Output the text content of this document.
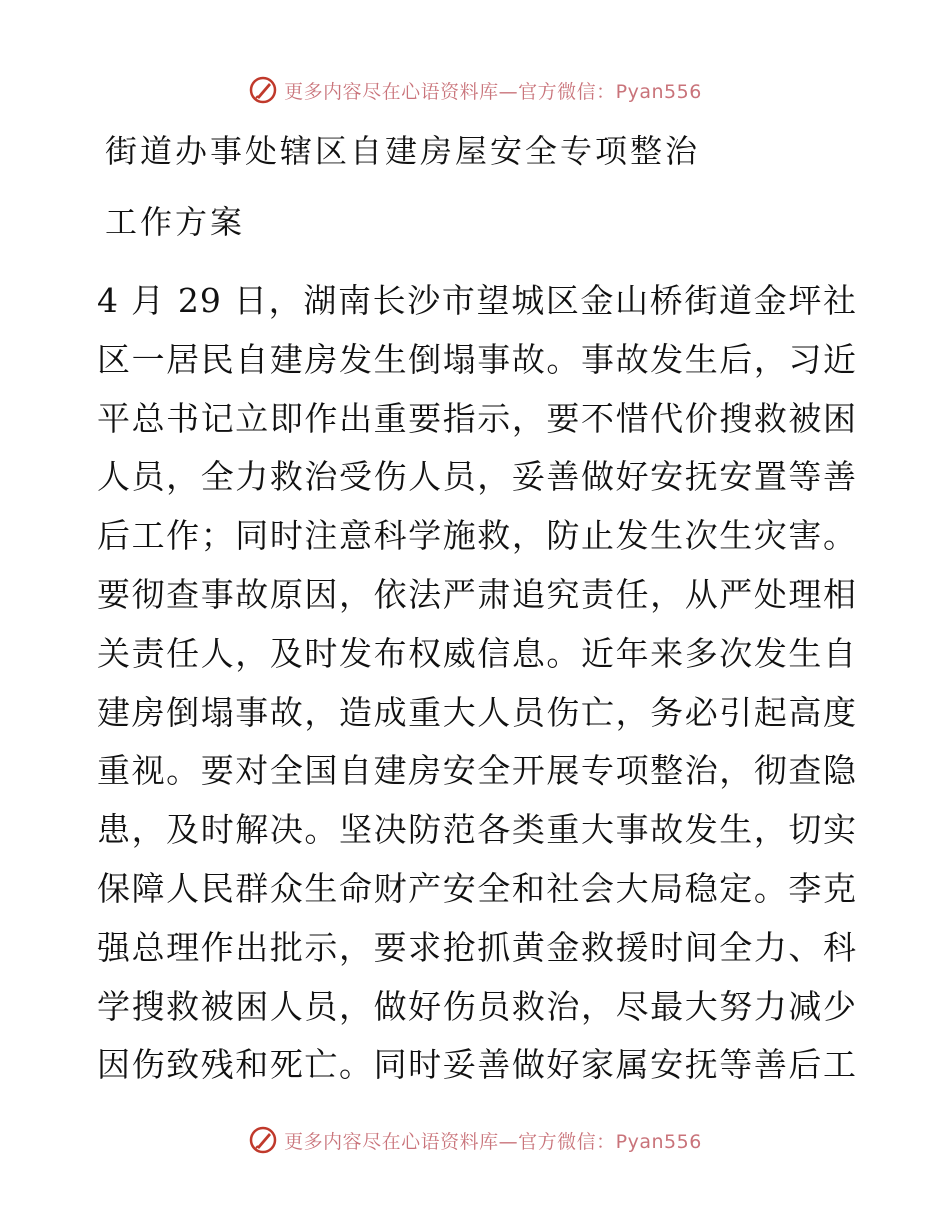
更多内容尽在心语资料库—官方微信：Pyan556
街道办事处辖区自建房屋安全专项整治
工作方案
4 月 29 日，湖南长沙市望城区金山桥街道金坪社
区一居民自建房发生倒塌事故。事故发生后，习近
平总书记立即作出重要指示，要不惜代价搜救被困
人员，全力救治受伤人员，妥善做好安抚安置等善
后工作；同时注意科学施救，防止发生次生灾害。
要彻查事故原因，依法严肃追究责任，从严处理相
关责任人，及时发布权威信息。近年来多次发生自
建房倒塌事故，造成重大人员伤亡，务必引起高度
重视。要对全国自建房安全开展专项整治，彻查隐
患，及时解决。坚决防范各类重大事故发生，切实
保障人民群众生命财产安全和社会大局稳定。李克
强总理作出批示，要求抢抓黄金救援时间全力、科
学搜救被困人员，做好伤员救治，尽最大努力减少
因伤致残和死亡。同时妥善做好家属安抚等善后工
更多内容尽在心语资料库—官方微信：Pyan556
